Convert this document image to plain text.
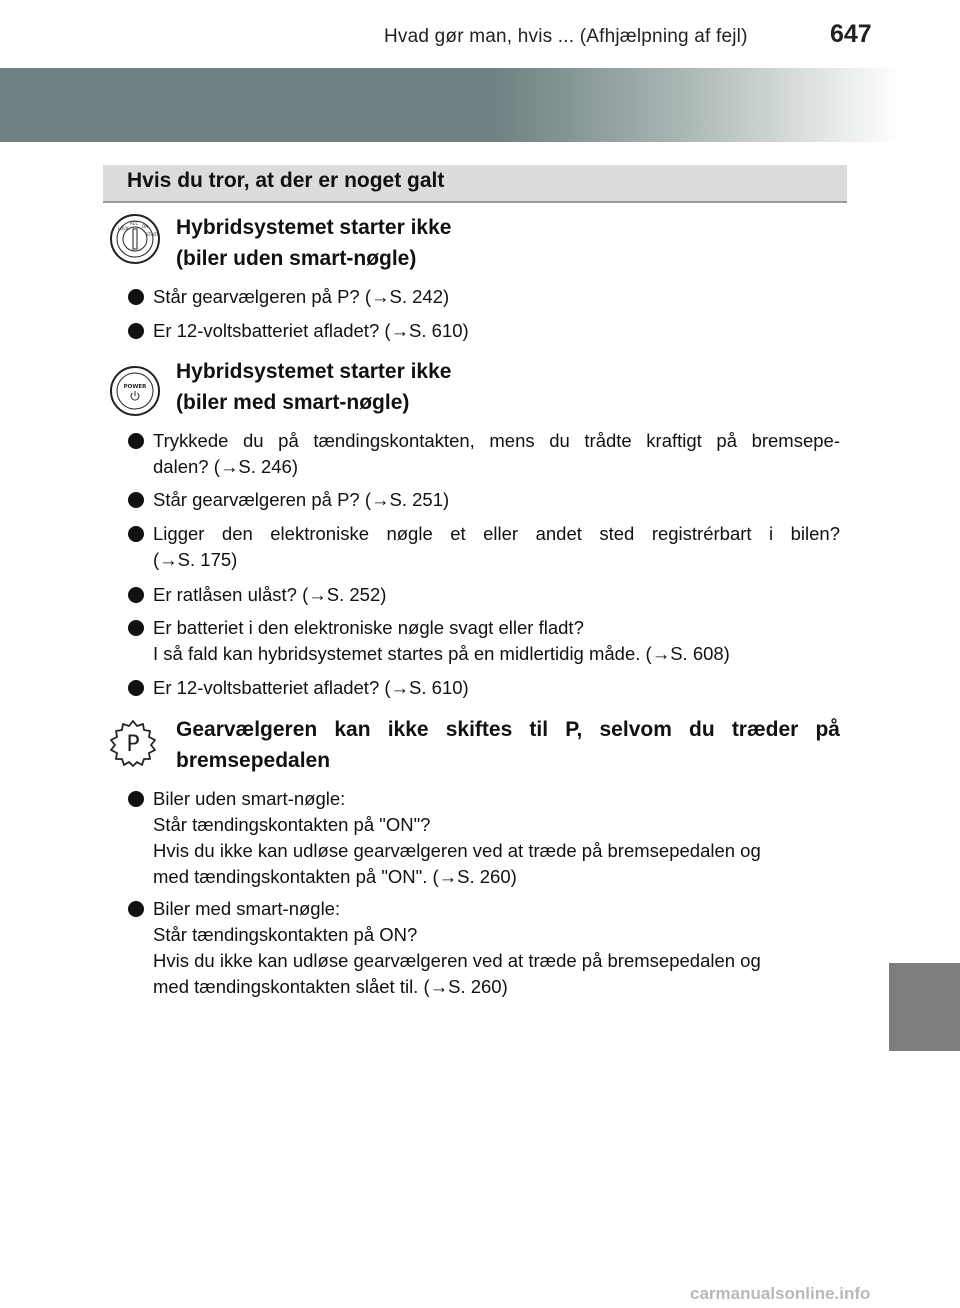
Hvad gør man, hvis ... (Afhjælpning af fejl)	647
Hvis du tror, at der er noget galt
LOCK
ACC
ON
START Hybridsystemet starter ikke
(biler uden smart-nøgle)
Står gearvælgeren på P? (→S. 242)
Er 12-voltsbatteriet afladet? (→S. 610)
POWER
Hybridsystemet starter ikke
(biler med smart-nøgle)
Trykkede du på tændingskontakten, mens du trådte kraftigt på bremsepe-
dalen? (→S. 246)
Står gearvælgeren på P? (→S. 251)
Ligger den elektroniske nøgle et eller andet sted registrérbart i bilen?
(→S. 175)
Er ratlåsen ulåst? (→S. 252)
Er batteriet i den elektroniske nøgle svagt eller fladt?
I så fald kan hybridsystemet startes på en midlertidig måde. (→S. 608)
Er 12-voltsbatteriet afladet? (→S. 610)
P
Gearvælgeren kan ikke skiftes til P, selvom du træder på
bremsepedalen
Biler uden smart-nøgle:
Står tændingskontakten på "ON"?
Hvis du ikke kan udløse gearvælgeren ved at træde på bremsepedalen og
med tændingskontakten på "ON". (→S. 260)
Biler med smart-nøgle:
Står tændingskontakten på ON?
Hvis du ikke kan udløse gearvælgeren ved at træde på bremsepedalen og
med tændingskontakten slået til. (→S. 260)
carmanualsonline.info
